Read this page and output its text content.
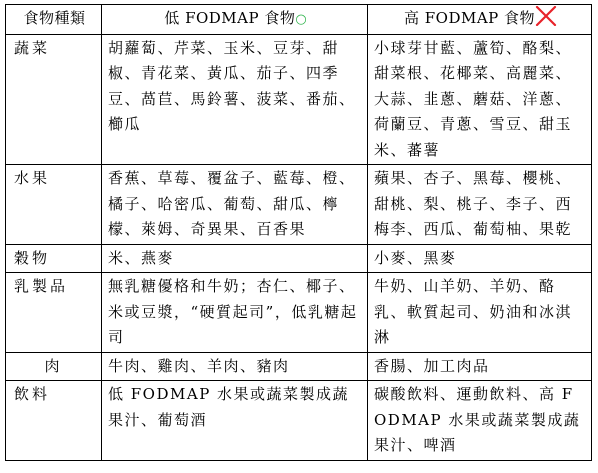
食物種類	低 FODMAP 食物○	高 FODMAP 食物
蔬菜	胡蘿蔔、芹菜、玉米、豆芽、甜椒、青花菜、黃瓜、茄子、四季豆、萵苣、馬鈴薯、菠菜、番茄、櫛瓜	小球芽甘藍、蘆筍、酪梨、甜菜根、花椰菜、高麗菜、大蒜、韭蔥、蘑菇、洋蔥、荷蘭豆、青蔥、雪豆、甜玉米、蕃薯
水果	香蕉、草莓、覆盆子、藍莓、橙、橘子、哈密瓜、葡萄、甜瓜、檸檬、萊姆、奇異果、百香果	蘋果、杏子、黑莓、櫻桃、甜桃、梨、桃子、李子、西梅李、西瓜、葡萄柚、果乾
穀物	米、燕麥	小麥、黑麥
乳製品	無乳糖優格和牛奶；杏仁、椰子、米或豆漿，“硬質起司”，低乳糖起司	牛奶、山羊奶、羊奶、酪乳、軟質起司、奶油和冰淇淋
肉	牛肉、雞肉、羊肉、豬肉	香腸、加工肉品
飲料	低 FODMAP 水果或蔬菜製成蔬果汁、葡萄酒	碳酸飲料、運動飲料、高 FODMAP 水果或蔬菜製成蔬果汁、啤酒
